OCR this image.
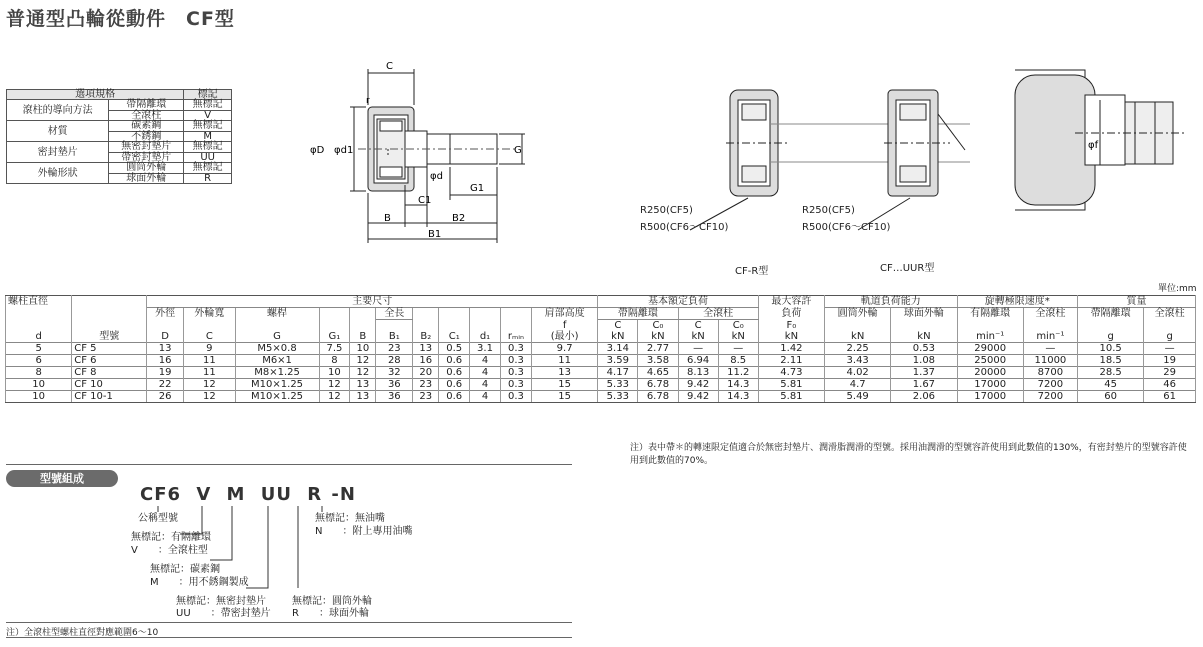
普通型凸輪從動件　CF型
選項規格		標記
滾柱的導向方法	帶隔離環	無標記
	全滾柱	V
材質	碳素鋼	無標記
	不銹鋼	M
密封墊片	無密封墊片	無標記
	帶密封墊片	UU
外輪形狀	圓筒外輪	無標記
	球面外輪	R
C
r
φD φd1	G
φd
G1
C1
B	B2
B1
φf
R250(CF5)
R500(CF6～CF10)
R250(CF5)
R500(CF6～CF10)
CF-R型	CF…UUR型
單位:mm
螺柱直徑		主要尺寸											基本額定負荷				最大容許	軌道負荷能力		旋轉極限速度*		質量	
		外徑	外輪寬	螺桿			全長					肩部高度	帶隔離環		全滾柱		負荷	圓筒外輪	球面外輪	有隔離環	全滾柱	帶隔離環	全滾柱
												f	C	C₀	C	C₀	F₀						
d	型號	D	C	G	G₁	B	B₁	B₂	C₁	d₁	rₘᵢₙ	(最小)	kN	kN	kN	kN	kN	kN	kN	min⁻¹	min⁻¹	g	g
5	CF 5	13	9	M5×0.8	7.5	10	23	13	0.5	3.1	0.3	9.7	3.14	2.77	—	—	1.42	2.25	0.53	29000	—	10.5	—
6	CF 6	16	11	M6×1	8	12	28	16	0.6	4	0.3	11	3.59	3.58	6.94	8.5	2.11	3.43	1.08	25000	11000	18.5	19
8	CF 8	19	11	M8×1.25	10	12	32	20	0.6	4	0.3	13	4.17	4.65	8.13	11.2	4.73	4.02	1.37	20000	8700	28.5	29
10	CF 10	22	12	M10×1.25	12	13	36	23	0.6	4	0.3	15	5.33	6.78	9.42	14.3	5.81	4.7	1.67	17000	7200	45	46
10	CF 10-1	26	12	M10×1.25	12	13	36	23	0.6	4	0.3	15	5.33	6.78	9.42	14.3	5.81	5.49	2.06	17000	7200	60	61
注）表中帶＊的轉速限定值適合於無密封墊片、潤滑脂潤滑的型號。採用油潤滑的型號容許使用到此數值的130%，有密封墊片的型號容許使用到此數值的70%。
型號組成
CF6 V M UU R -N
公稱型號
無標記：有隔離環
V　　：全滾柱型
無標記：碳素鋼
M　　：用不銹鋼製成
無標記：無密封墊片
UU　　：帶密封墊片
無標記：圓筒外輪
R　　：球面外輪
無標記：無油嘴
N　　：附上專用油嘴
注）全滾柱型螺柱直徑對應範圍6～10
